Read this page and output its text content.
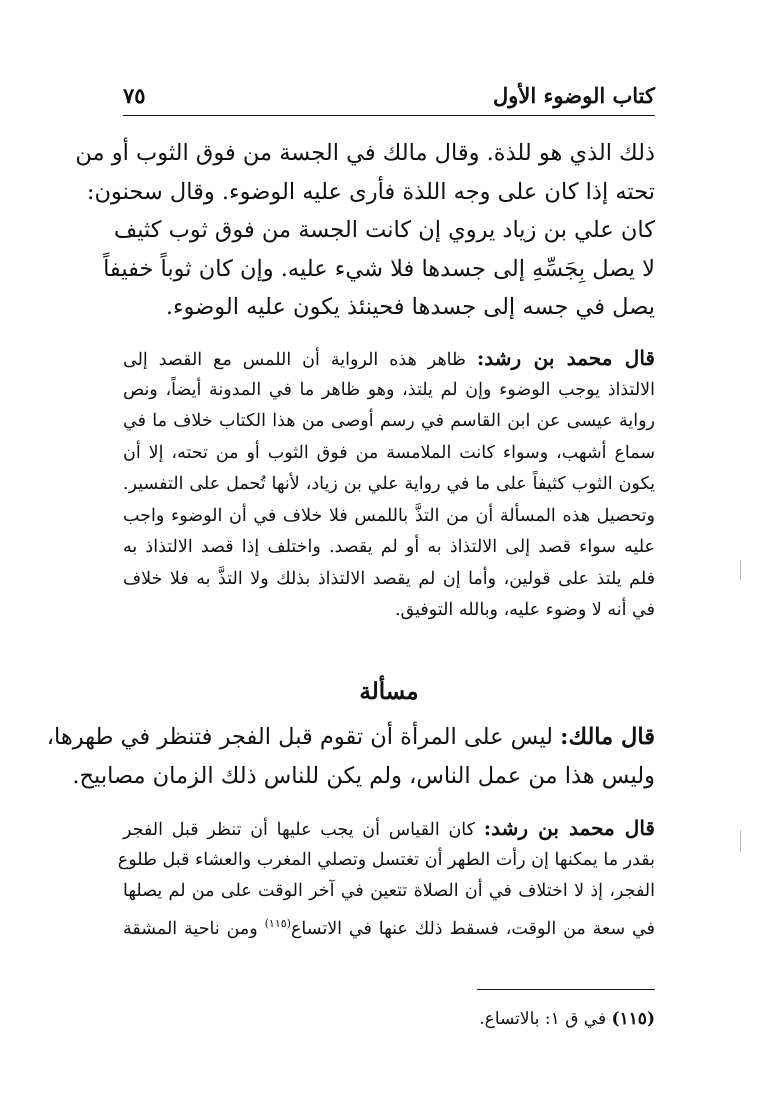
كتاب الوضوء الأول
٧٥
ذلك الذي هو للذة. وقال مالك في الجسة من فوق الثوب أو من
تحته إذا كان على وجه اللذة فأرى عليه الوضوء. وقال سحنون:
كان علي بن زياد يروي إن كانت الجسة من فوق ثوب كثيف
لا يصل بِجَسِّهِ إلى جسدها فلا شيء عليه. وإن كان ثوباً خفيفاً
يصل في جسه إلى جسدها فحينئذ يكون عليه الوضوء.
قال محمد بن رشد: ظاهر هذه الرواية أن اللمس مع القصد إلى
الالتذاذ يوجب الوضوء وإن لم يلتذ، وهو ظاهر ما في المدونة أيضاً، ونص
رواية عيسى عن ابن القاسم في رسم أوصى من هذا الكتاب خلاف ما في
سماع أشهب، وسواء كانت الملامسة من فوق الثوب أو من تحته، إلا أن
يكون الثوب كثيفاً على ما في رواية علي بن زياد، لأنها تُحمل على التفسير.
وتحصيل هذه المسألة أن من التذَّ باللمس فلا خلاف في أن الوضوء واجب
عليه سواء قصد إلى الالتذاذ به أو لم يقصد. واختلف إذا قصد الالتذاذ به
فلم يلتذ على قولين، وأما إن لم يقصد الالتذاذ بذلك ولا التذَّ به فلا خلاف
في أنه لا وضوء عليه، وبالله التوفيق.
مسألة
قال مالك: ليس على المرأة أن تقوم قبل الفجر فتنظر في طهرها،
وليس هذا من عمل الناس، ولم يكن للناس ذلك الزمان مصابيح.
قال محمد بن رشد: كان القياس أن يجب عليها أن تنظر قبل الفجر
بقدر ما يمكنها إن رأت الطهر أن تغتسل وتصلي المغرب والعشاء قبل طلوع
الفجر، إذ لا اختلاف في أن الصلاة تتعين في آخر الوقت على من لم يصلها
في سعة من الوقت، فسقط ذلك عنها في الاتساع$^{(١١٥)}$ ومن ناحية المشقة
(١١٥) في ق ١: بالاتساع.
